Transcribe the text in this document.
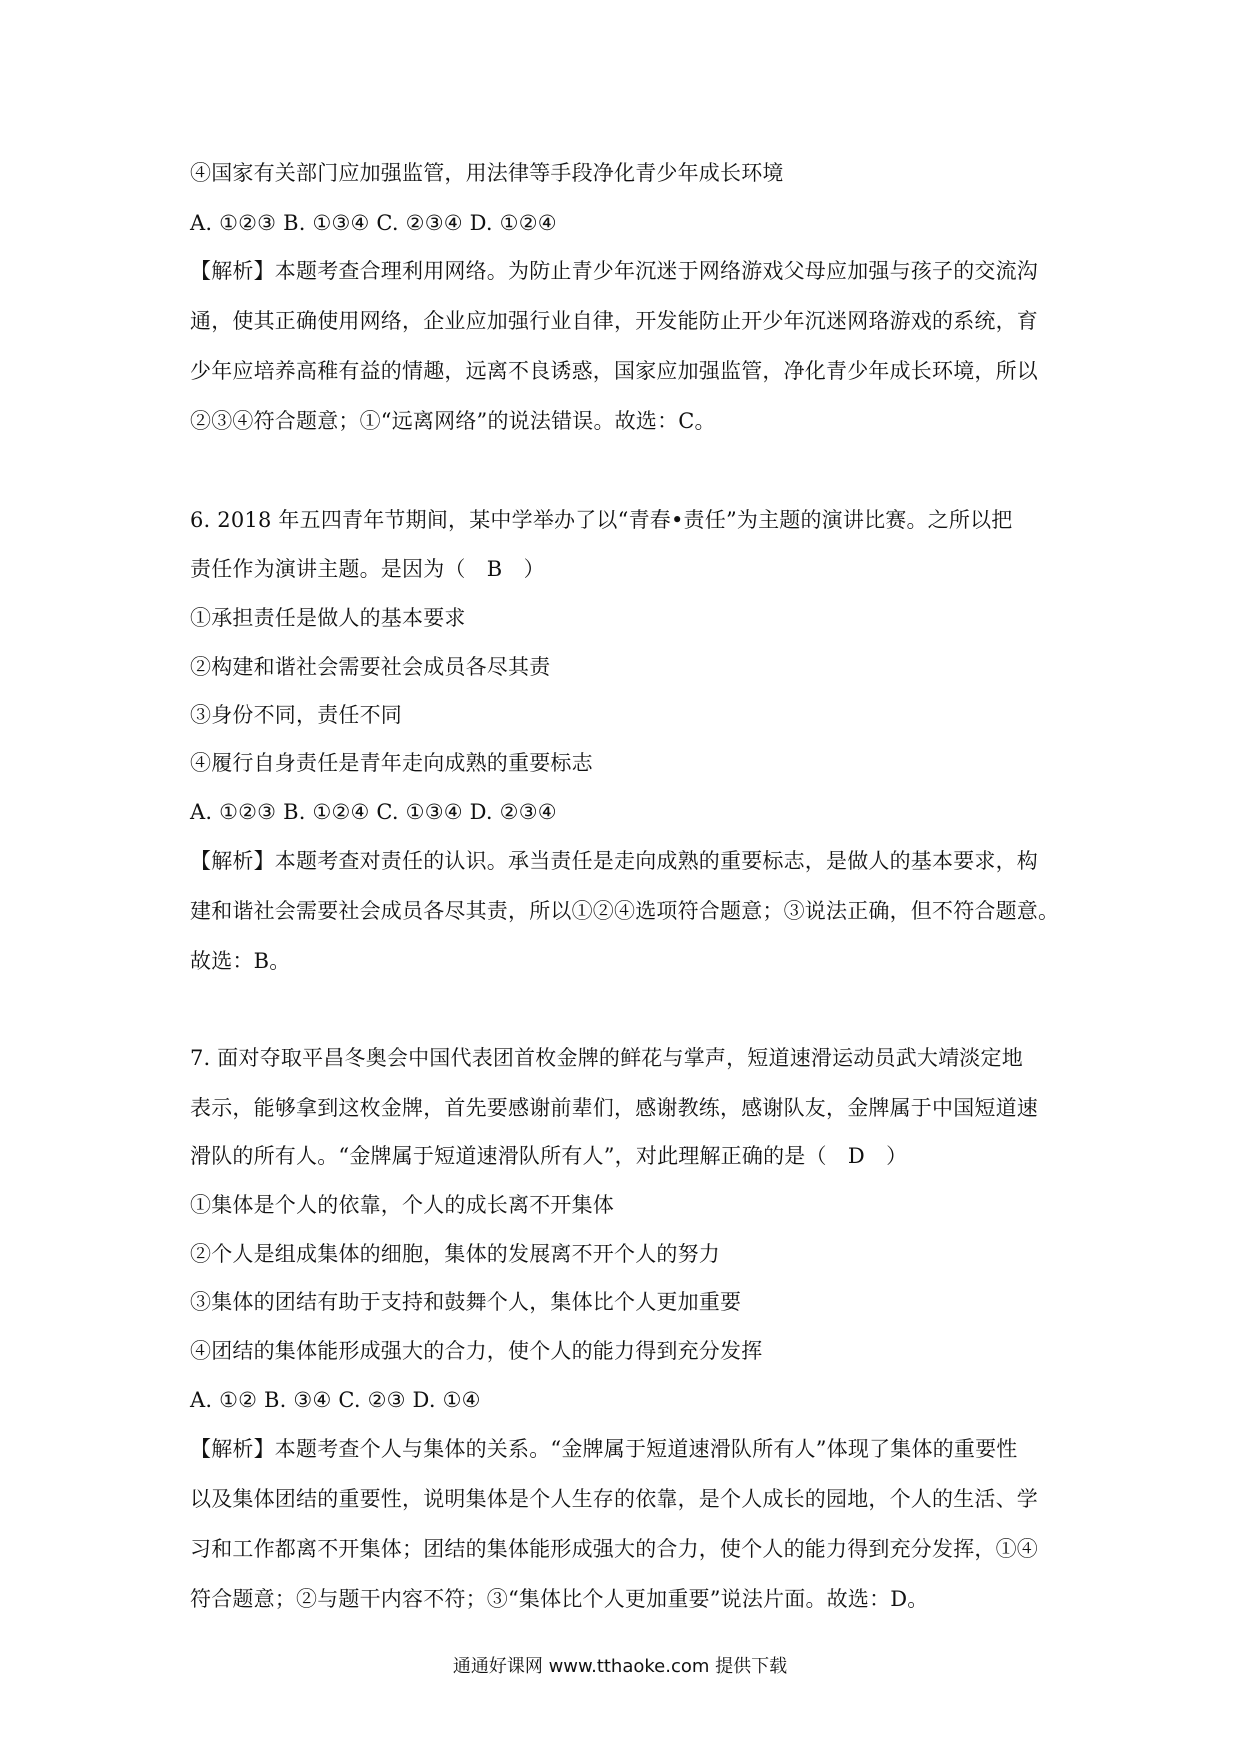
④国家有关部门应加强监管，用法律等手段净化青少年成长环境

A. ①②③ B. ①③④ C. ②③④ D. ①②④

【解析】本题考查合理利用网络。为防止青少年沉迷于网络游戏父母应加强与孩子的交流沟

通，使其正确使用网络，企业应加强行业自律，开发能防止开少年沉迷网珞游戏的系统，育

少年应培养高稚有益的情趣，远离不良诱惑，国家应加强监管，净化青少年成长环境，所以

②③④符合题意；①“远离网络”的说法错误。故选：C。

6. 2018 年五四青年节期间，某中学举办了以“青春•责任”为主题的演讲比赛。之所以把

责任作为演讲主题。是因为（　B　）

①承担责任是做人的基本要求

②构建和谐社会需要社会成员各尽其责

③身份不同，责任不同

④履行自身责任是青年走向成熟的重要标志

A. ①②③ B. ①②④ C. ①③④ D. ②③④

【解析】本题考查对责任的认识。承当责任是走向成熟的重要标志，是做人的基本要求，构

建和谐社会需要社会成员各尽其责，所以①②④选项符合题意；③说法正确，但不符合题意。

故选：B。

7. 面对夺取平昌冬奥会中国代表团首枚金牌的鲜花与掌声，短道速滑运动员武大靖淡定地

表示，能够拿到这枚金牌，首先要感谢前辈们，感谢教练，感谢队友，金牌属于中国短道速

滑队的所有人。“金牌属于短道速滑队所有人”，对此理解正确的是（　D　）

①集体是个人的依靠，个人的成长离不开集体

②个人是组成集体的细胞，集体的发展离不开个人的努力

③集体的团结有助于支持和鼓舞个人，集体比个人更加重要

④团结的集体能形成强大的合力，使个人的能力得到充分发挥

A. ①② B. ③④ C. ②③ D. ①④

【解析】本题考查个人与集体的关系。“金牌属于短道速滑队所有人”体现了集体的重要性

以及集体团结的重要性，说明集体是个人生存的依靠，是个人成长的园地，个人的生活、学

习和工作都离不开集体；团结的集体能形成强大的合力，使个人的能力得到充分发挥，①④

符合题意；②与题干内容不符；③“集体比个人更加重要”说法片面。故选：D。

通通好课网 www.tthaoke.com 提供下载
